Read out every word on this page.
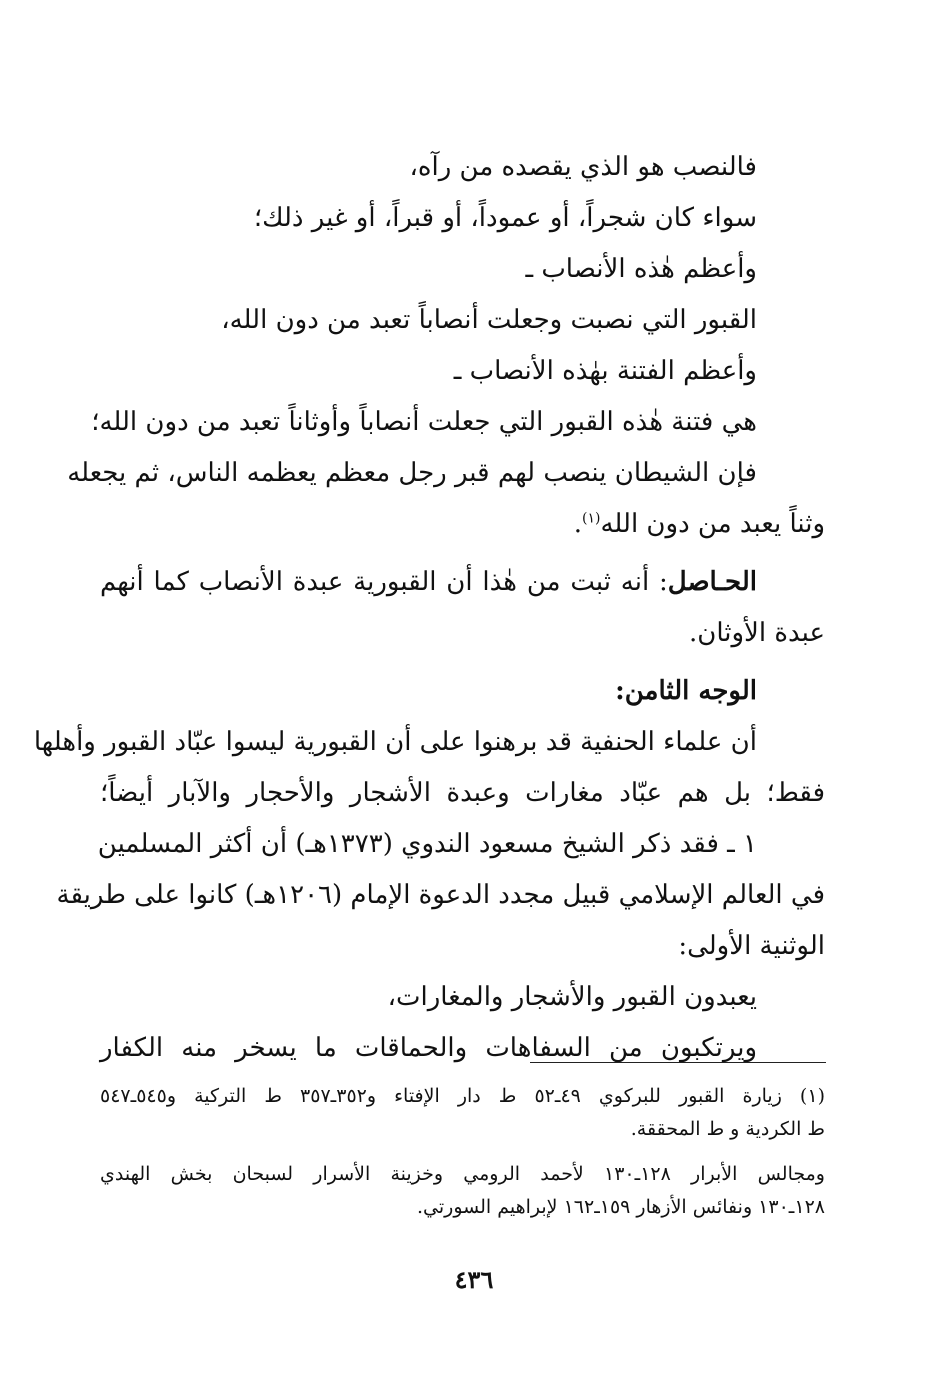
فالنصب هو الذي يقصده من رآه،
سواء كان شجراً، أو عموداً، أو قبراً، أو غير ذلك؛
وأعظم هٰذه الأنصاب ـ
القبور التي نصبت وجعلت أنصاباً تعبد من دون الله،
وأعظم الفتنة بهٰذه الأنصاب ـ
هي فتنة هٰذه القبور التي جعلت أنصاباً وأوثاناً تعبد من دون الله؛
فإن الشيطان ينصب لهم قبر رجل معظم يعظمه الناس، ثم يجعله
وثناً يعبد من دون الله$^{(١)}$.
الحـاصل: أنه ثبت من هٰذا أن القبورية عبدة الأنصاب كما أنهم
عبدة الأوثان.
الوجه الثامن:
أن علماء الحنفية قد برهنوا على أن القبورية ليسوا عبّاد القبور وأهلها
فقط؛ بل هم عبّاد مغارات وعبدة الأشجار والأحجار والآبار أيضاً؛
١ ـ فقد ذكر الشيخ مسعود الندوي (١٣٧٣هـ) أن أكثر المسلمين
في العالم الإسلامي قبيل مجدد الدعوة الإمام (١٢٠٦هـ) كانوا على طريقة
الوثنية الأولى:
يعبدون القبور والأشجار والمغارات،
ويرتكبون من السفاهات والحماقات ما يسخر منه الكفار
(١) زيارة القبور للبركوي ٤٩ـ٥٢ ط دار الإفتاء و٣٥٢ـ٣٥٧ ط التركية و٥٤٥ـ٥٤٧
ط الكردية و ط المحققة.
ومجالس الأبرار ١٢٨ـ١٣٠ لأحمد الرومي وخزينة الأسرار لسبحان بخش الهندي
١٢٨ـ١٣٠ ونفائس الأزهار ١٥٩ـ١٦٢ لإبراهيم السورتي.
٤٣٦
